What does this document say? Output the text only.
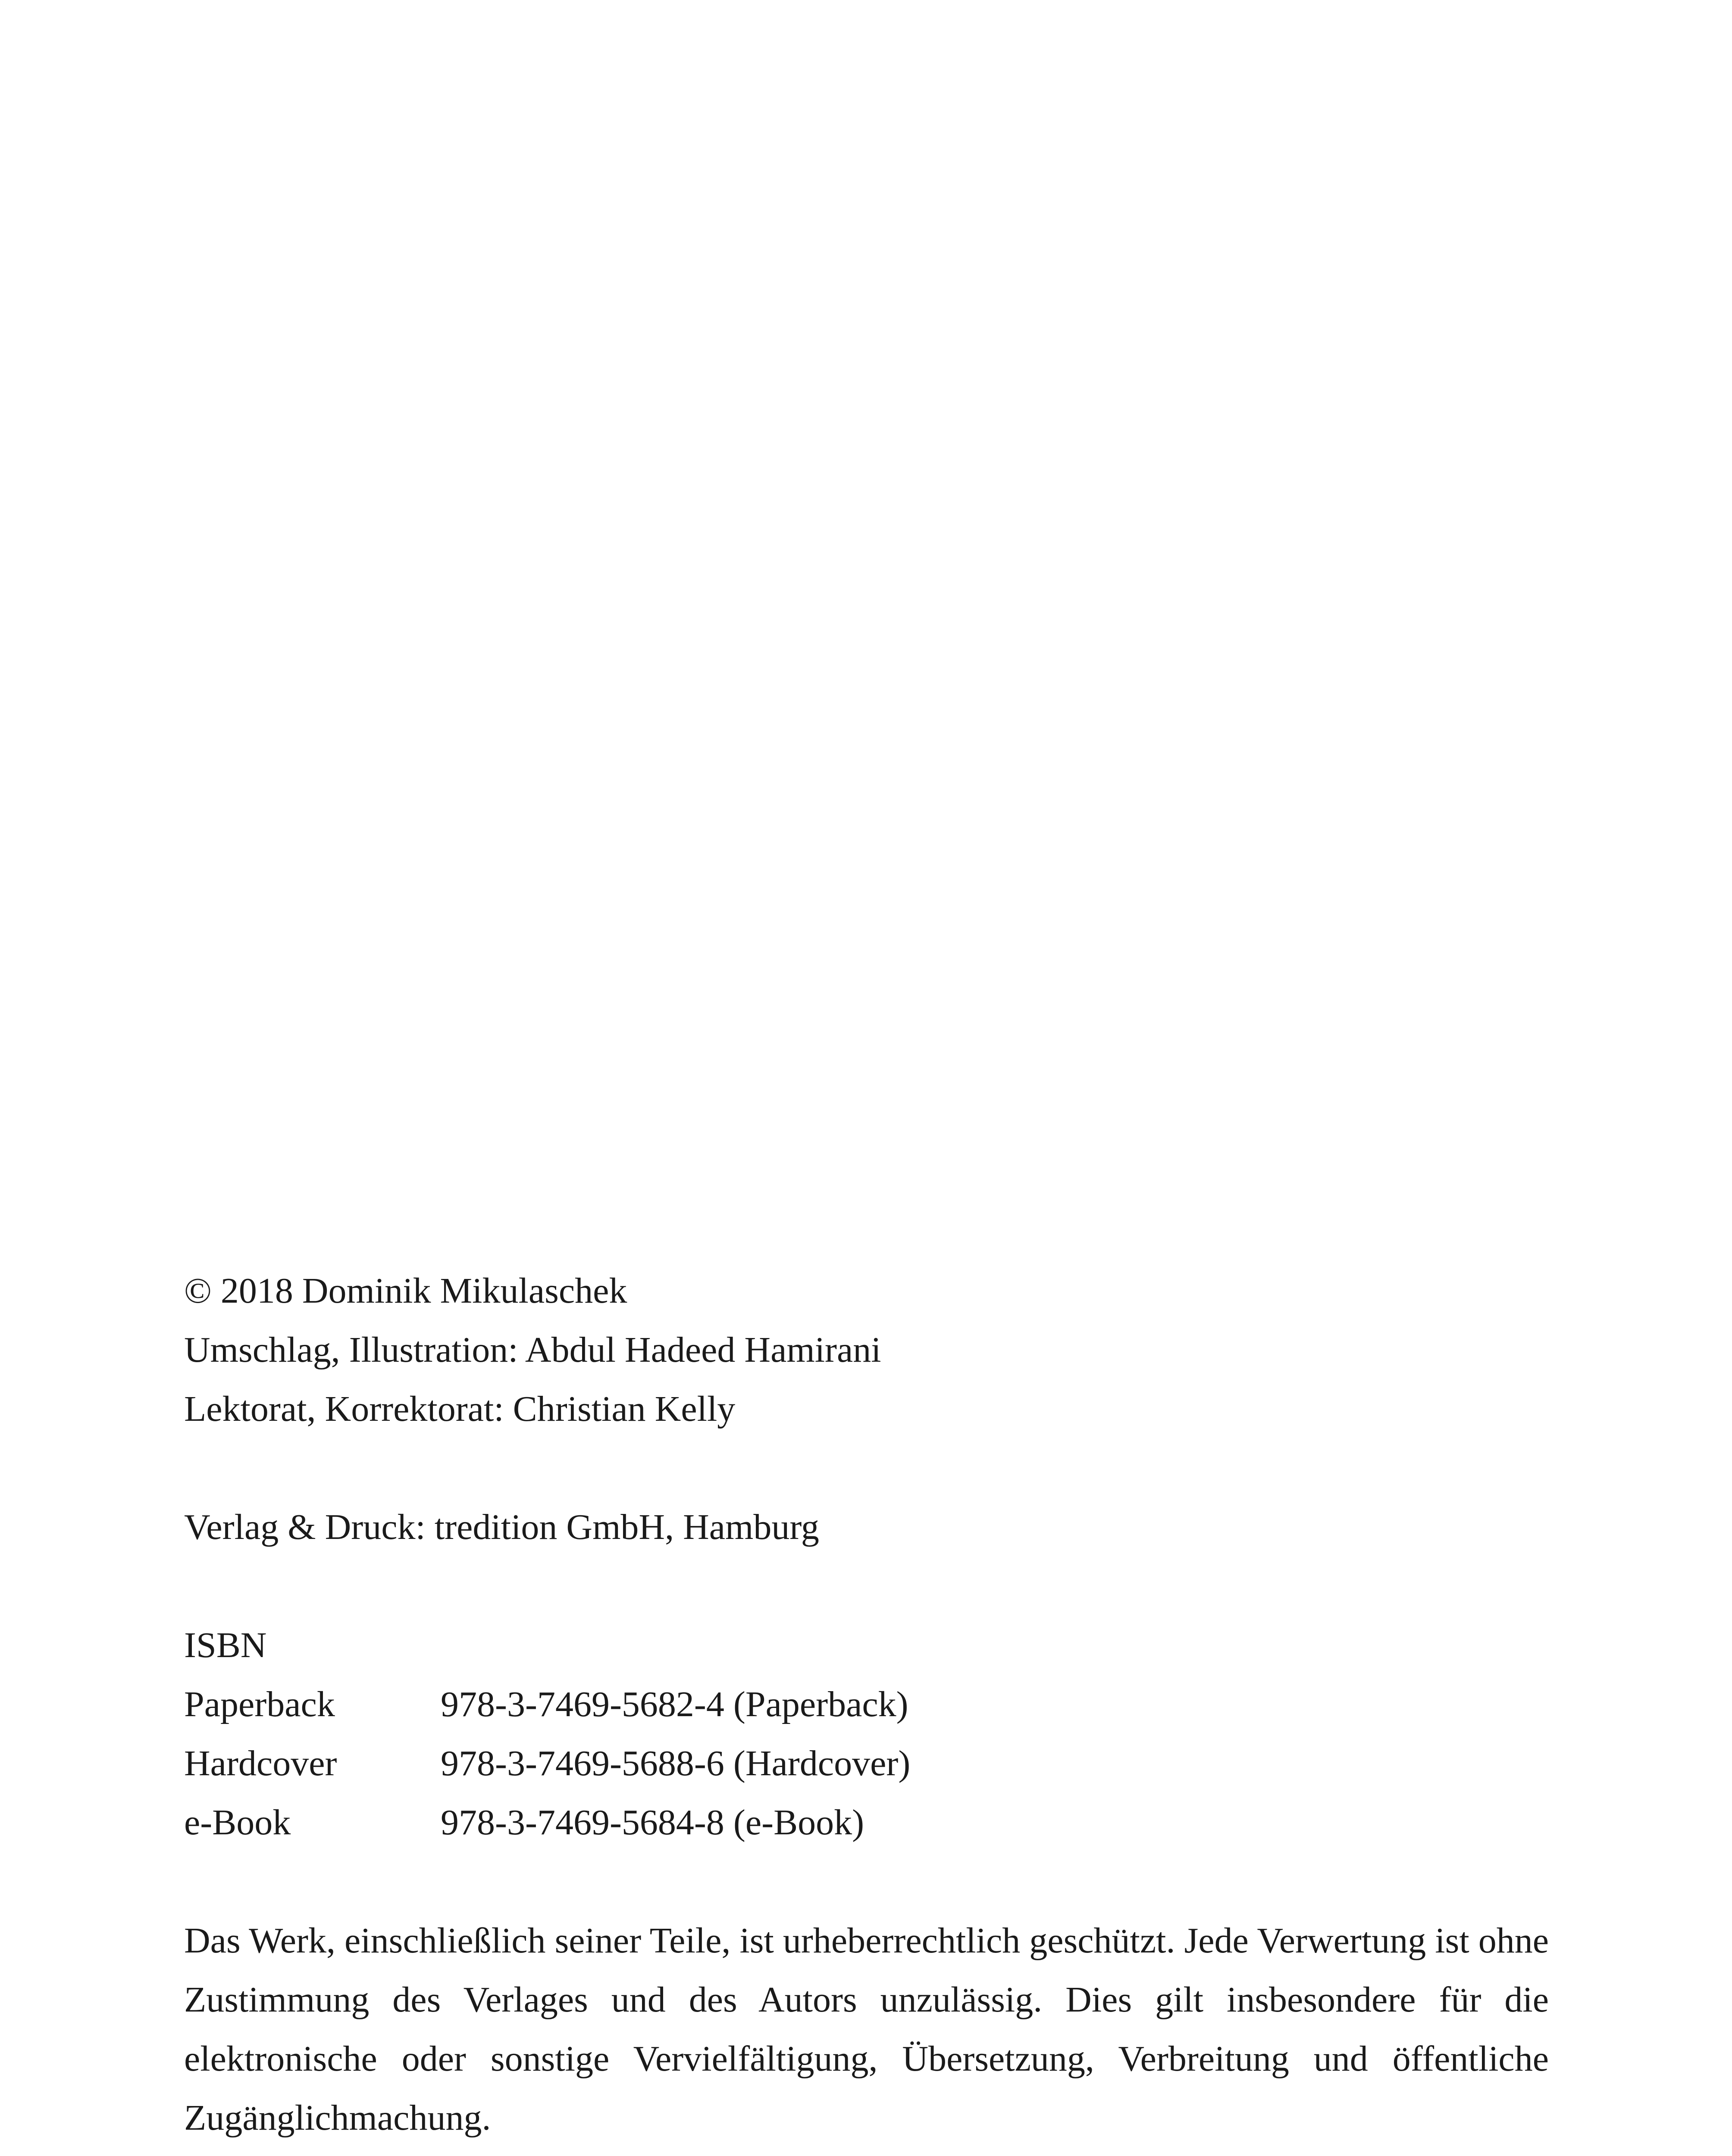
© 2018 Dominik Mikulaschek
Umschlag, Illustration: Abdul Hadeed Hamirani
Lektorat, Korrektorat: Christian Kelly
Verlag & Druck: tredition GmbH, Hamburg
ISBN
Paperback	978-3-7469-5682-4 (Paperback)
Hardcover	978-3-7469-5688-6 (Hardcover)
e-Book	978-3-7469-5684-8 (e-Book)

Das Werk, einschließlich seiner Teile, ist urheberrechtlich geschützt. Jede Verwertung ist ohne Zustimmung des Verlages und des Autors unzulässig. Dies gilt insbesondere für die elektronische oder sonstige Vervielfältigung, Übersetzung, Verbreitung und öffentliche Zugänglichmachung.
